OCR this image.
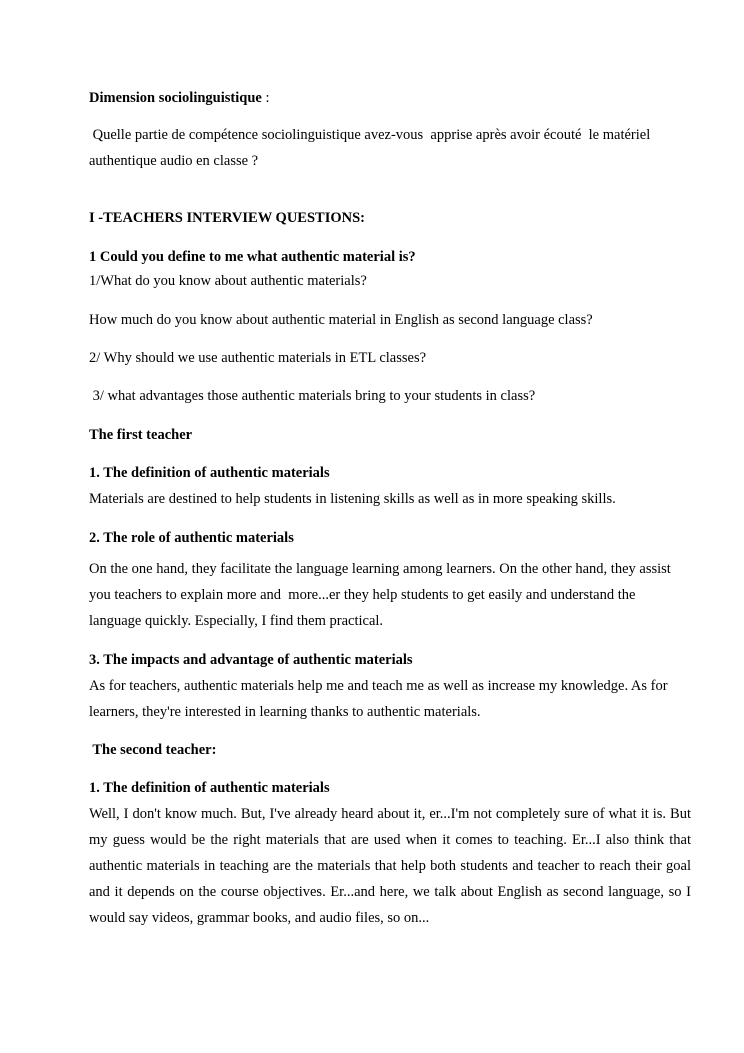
Dimension sociolinguistique :

Quelle partie de compétence sociolinguistique avez-vous  apprise après avoir écouté  le matériel authentique audio en classe ?

I -TEACHERS INTERVIEW QUESTIONS:

1 Could you define to me what authentic material is?

1/What do you know about authentic materials?

How much do you know about authentic material in English as second language class?

2/ Why should we use authentic materials in ETL classes?

3/ what advantages those authentic materials bring to your students in class?

The first teacher

1. The definition of authentic materials

Materials are destined to help students in listening skills as well as in more speaking skills.

2. The role of authentic materials

On the one hand, they facilitate the language learning among learners. On the other hand, they assist

you teachers to explain more and  more...er they help students to get easily and understand the

language quickly. Especially, I find them practical.

3. The impacts and advantage of authentic materials

As for teachers, authentic materials help me and teach me as well as increase my knowledge. As for

learners, they're interested in learning thanks to authentic materials.

The second teacher:

1. The definition of authentic materials

Well, I don't know much. But, I've already heard about it, er...I'm not completely sure of what it is. But my guess would be the right materials that are used when it comes to teaching. Er...I also think that authentic materials in teaching are the materials that help both students and teacher to reach their goal and it depends on the course objectives. Er...and here, we talk about English as second language, so I would say videos, grammar books, and audio files, so on...
